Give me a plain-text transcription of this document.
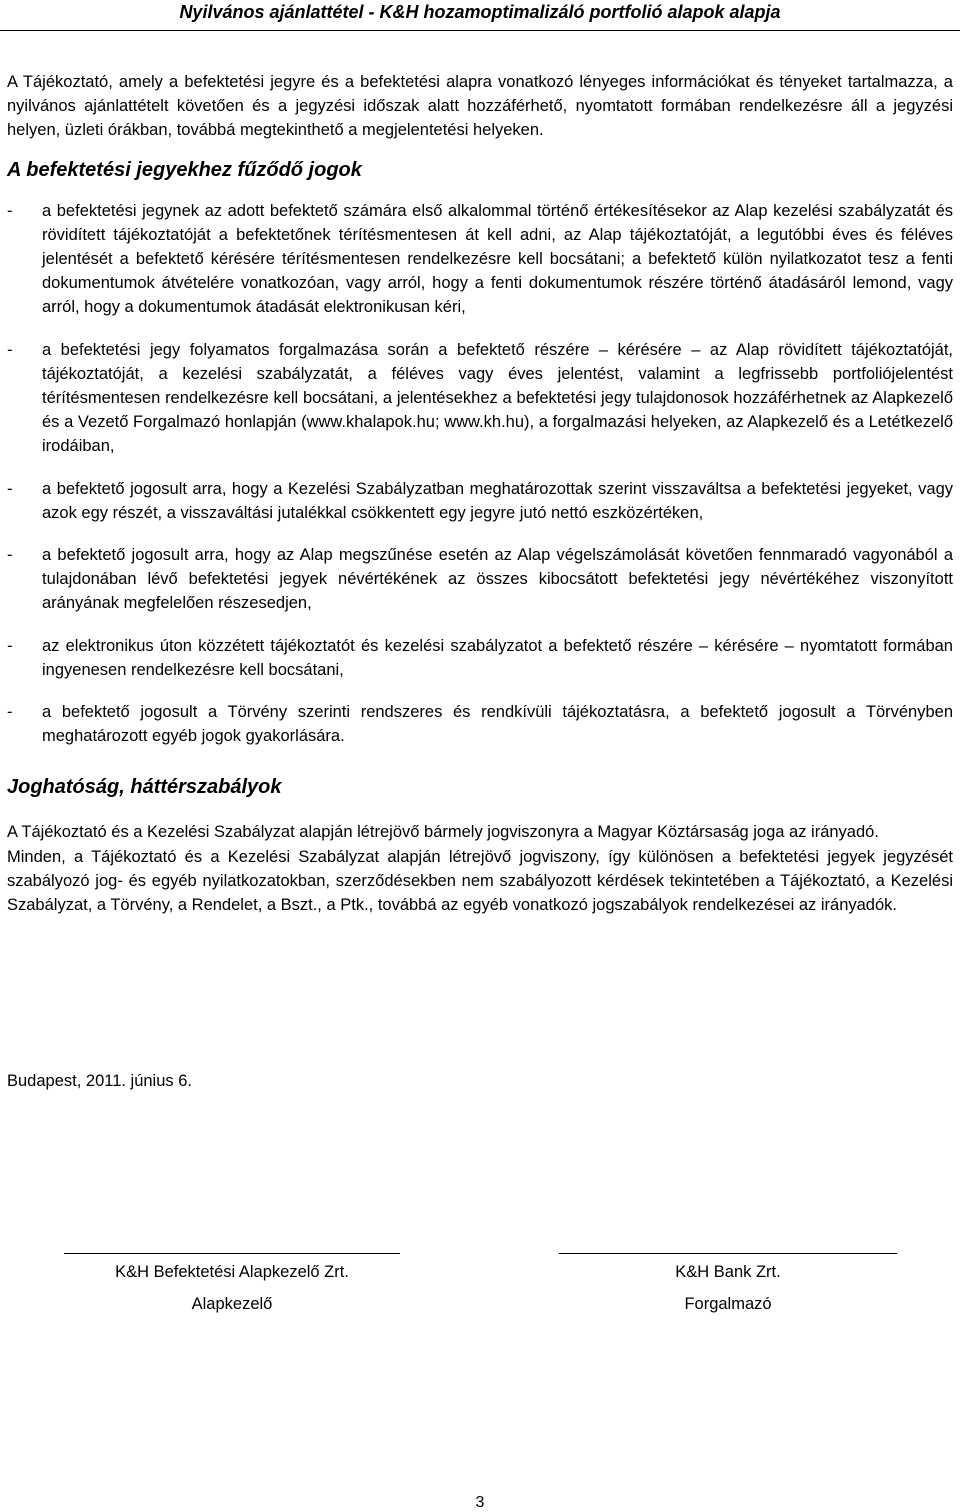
Nyilvános ajánlattétel - K&H hozamoptimalizáló portfolió alapok alapja

A Tájékoztató, amely a befektetési jegyre és a befektetési alapra vonatkozó lényeges információkat és tényeket tartalmazza, a nyilvános ajánlattételt követően és a jegyzési időszak alatt hozzáférhető, nyomtatott formában rendelkezésre áll a jegyzési helyen, üzleti órákban, továbbá megtekinthető a megjelentetési helyeken.

A befektetési jegyekhez fűződő jogok
- a befektetési jegynek az adott befektető számára első alkalommal történő értékesítésekor az Alap kezelési szabályzatát és rövidített tájékoztatóját a befektetőnek térítésmentesen át kell adni, az Alap tájékoztatóját, a legutóbbi éves és féléves jelentését a befektető kérésére térítésmentesen rendelkezésre kell bocsátani; a befektető külön nyilatkozatot tesz a fenti dokumentumok átvételére vonatkozóan, vagy arról, hogy a fenti dokumentumok részére történő átadásáról lemond, vagy arról, hogy a dokumentumok átadását elektronikusan kéri,
- a befektetési jegy folyamatos forgalmazása során a befektető részére – kérésére – az Alap rövidített tájékoztatóját, tájékoztatóját, a kezelési szabályzatát, a féléves vagy éves jelentést, valamint a legfrissebb portfoliójelentést térítésmentesen rendelkezésre kell bocsátani, a jelentésekhez a befektetési jegy tulajdonosok hozzáférhetnek az Alapkezelő és a Vezető Forgalmazó honlapján (www.khalapok.hu; www.kh.hu), a forgalmazási helyeken, az Alapkezelő és a Letétkezelő irodáiban,
- a befektető jogosult arra, hogy a Kezelési Szabályzatban meghatározottak szerint visszaváltsa a befektetési jegyeket, vagy azok egy részét, a visszaváltási jutalékkal csökkentett egy jegyre jutó nettó eszközértéken,
- a befektető jogosult arra, hogy az Alap megszűnése esetén az Alap végelszámolását követően fennmaradó vagyonából a tulajdonában lévő befektetési jegyek névértékének az összes kibocsátott befektetési jegy névértékéhez viszonyított arányának megfelelően részesedjen,
- az elektronikus úton közzétett tájékoztatót és kezelési szabályzatot a befektető részére – kérésére – nyomtatott formában ingyenesen rendelkezésre kell bocsátani,
- a befektető jogosult a Törvény szerinti rendszeres és rendkívüli tájékoztatásra, a befektető jogosult a Törvényben meghatározott egyéb jogok gyakorlására.
Joghatóság, háttérszabályok

A Tájékoztató és a Kezelési Szabályzat alapján létrejövő bármely jogviszonyra a Magyar Köztársaság joga az irányadó.

Minden, a Tájékoztató és a Kezelési Szabályzat alapján létrejövő jogviszony, így különösen a befektetési jegyek jegyzését szabályozó jog- és egyéb nyilatkozatokban, szerződésekben nem szabályozott kérdések tekintetében a Tájékoztató, a Kezelési Szabályzat, a Törvény, a Rendelet, a Bszt., a Ptk., továbbá az egyéb vonatkozó jogszabályok rendelkezései az irányadók.

Budapest, 2011. június 6.
K&H Befektetési Alapkezelő Zrt.
Alapkezelő
K&H Bank Zrt.
Forgalmazó
3
